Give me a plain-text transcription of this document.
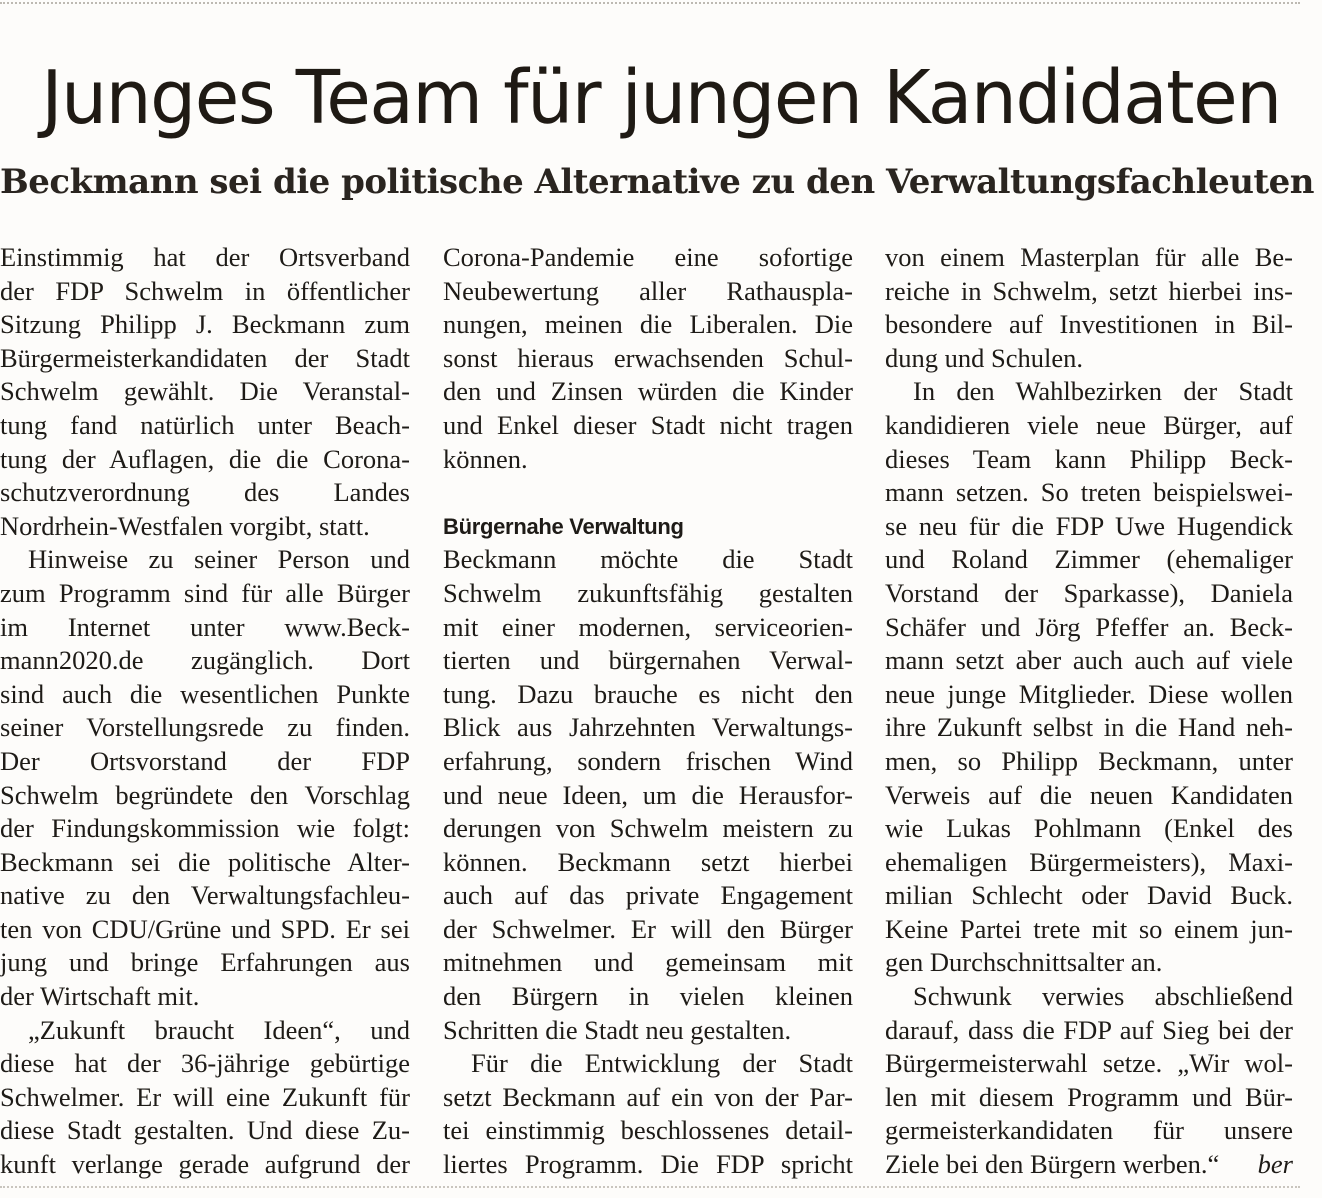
Junges Team für jungen Kandidaten
Beckmann sei die politische Alternative zu den Verwaltungsfachleuten
Einstimmig hat der Ortsverband
der FDP Schwelm in öffentlicher
Sitzung Philipp J. Beckmann zum
Bürgermeisterkandidaten der Stadt
Schwelm gewählt. Die Veranstal-
tung fand natürlich unter Beach-
tung der Auflagen, die die Corona-
schutzverordnung des Landes
Nordrhein-Westfalen vorgibt, statt.
Hinweise zu seiner Person und
zum Programm sind für alle Bürger
im Internet unter www.Beck-
mann2020.de zugänglich. Dort
sind auch die wesentlichen Punkte
seiner Vorstellungsrede zu finden.
Der Ortsvorstand der FDP
Schwelm begründete den Vorschlag
der Findungskommission wie folgt:
Beckmann sei die politische Alter-
native zu den Verwaltungsfachleu-
ten von CDU/Grüne und SPD. Er sei
jung und bringe Erfahrungen aus
der Wirtschaft mit.
„Zukunft braucht Ideen“, und
diese hat der 36-jährige gebürtige
Schwelmer. Er will eine Zukunft für
diese Stadt gestalten. Und diese Zu-
kunft verlange gerade aufgrund der
Corona-Pandemie eine sofortige
Neubewertung aller Rathauspla-
nungen, meinen die Liberalen. Die
sonst hieraus erwachsenden Schul-
den und Zinsen würden die Kinder
und Enkel dieser Stadt nicht tragen
können.
Bürgernahe Verwaltung
Beckmann möchte die Stadt
Schwelm zukunftsfähig gestalten
mit einer modernen, serviceorien-
tierten und bürgernahen Verwal-
tung. Dazu brauche es nicht den
Blick aus Jahrzehnten Verwaltungs-
erfahrung, sondern frischen Wind
und neue Ideen, um die Herausfor-
derungen von Schwelm meistern zu
können. Beckmann setzt hierbei
auch auf das private Engagement
der Schwelmer. Er will den Bürger
mitnehmen und gemeinsam mit
den Bürgern in vielen kleinen
Schritten die Stadt neu gestalten.
Für die Entwicklung der Stadt
setzt Beckmann auf ein von der Par-
tei einstimmig beschlossenes detail-
liertes Programm. Die FDP spricht
von einem Masterplan für alle Be-
reiche in Schwelm, setzt hierbei ins-
besondere auf Investitionen in Bil-
dung und Schulen.
In den Wahlbezirken der Stadt
kandidieren viele neue Bürger, auf
dieses Team kann Philipp Beck-
mann setzen. So treten beispielswei-
se neu für die FDP Uwe Hugendick
und Roland Zimmer (ehemaliger
Vorstand der Sparkasse), Daniela
Schäfer und Jörg Pfeffer an. Beck-
mann setzt aber auch auch auf viele
neue junge Mitglieder. Diese wollen
ihre Zukunft selbst in die Hand neh-
men, so Philipp Beckmann, unter
Verweis auf die neuen Kandidaten
wie Lukas Pohlmann (Enkel des
ehemaligen Bürgermeisters), Maxi-
milian Schlecht oder David Buck.
Keine Partei trete mit so einem jun-
gen Durchschnittsalter an.
Schwunk verwies abschließend
darauf, dass die FDP auf Sieg bei der
Bürgermeisterwahl setze. „Wir wol-
len mit diesem Programm und Bür-
germeisterkandidaten für unsere
Ziele bei den Bürgern werben.“ ber
